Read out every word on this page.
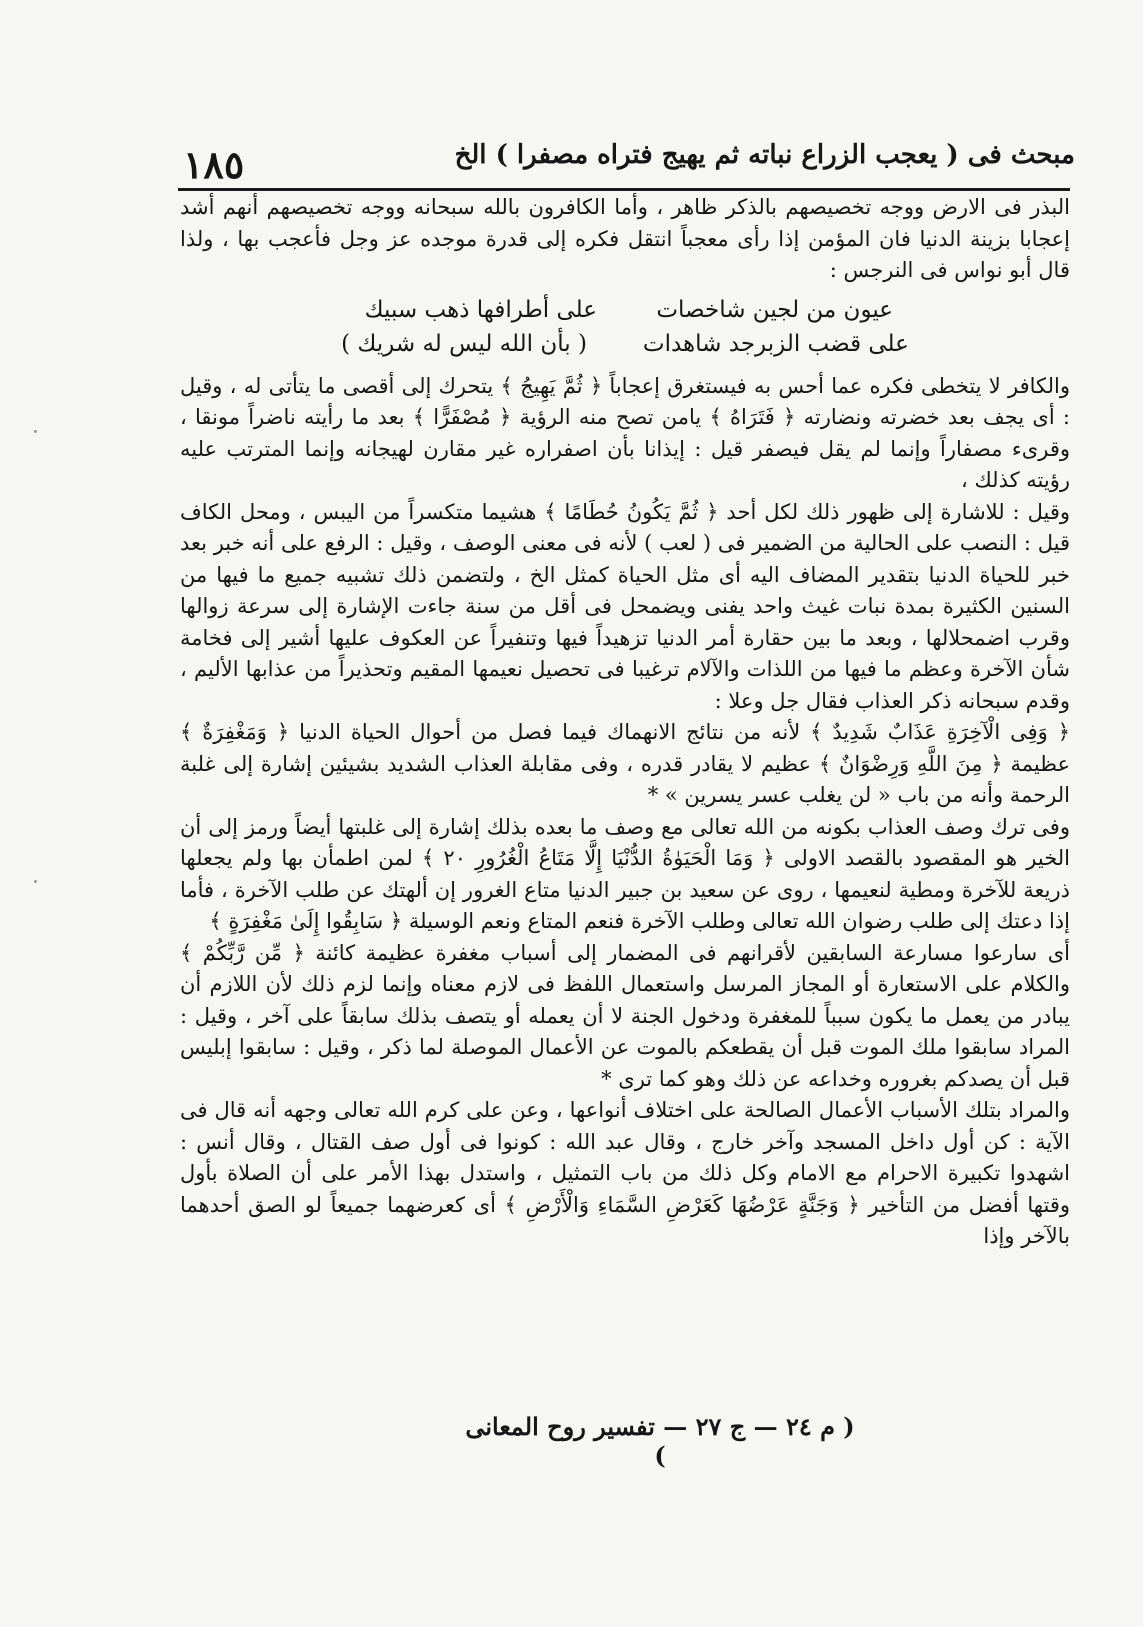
١٨٥	مبحث فى ( يعجب الزراع نباته ثم يهيج فتراه مصفرا ) الخ

البذر فى الارض ووجه تخصيصهم بالذكر ظاهر ، وأما الكافرون بالله سبحانه ووجه تخصيصهم أنهم أشد إعجابا بزينة الدنيا فان المؤمن إذا رأى معجباً انتقل فكره إلى قدرة موجده عز وجل فأعجب بها ، ولذا قال أبو نواس فى النرجس :

عيون من لجين شاخصات
على أطرافها ذهب سبيك
على قضب الزبرجد شاهدات
( بأن الله ليس له شريك )

والكافر لا يتخطى فكره عما أحس به فيستغرق إعجاباً ﴿ ثُمَّ يَهِيجُ ﴾ يتحرك إلى أقصى ما يتأتى له ، وقيل : أى يجف بعد خضرته ونضارته ﴿ فَتَرَاهُ ﴾ يامن تصح منه الرؤية ﴿ مُصْفَرًّا ﴾ بعد ما رأيته ناضراً مونقا ، وقرىء مصفاراً وإنما لم يقل فيصفر قيل : إيذانا بأن اصفراره غير مقارن لهيجانه وإنما المترتب عليه رؤيته كذلك ،

وقيل : للاشارة إلى ظهور ذلك لكل أحد ﴿ ثُمَّ يَكُونُ حُطَامًا ﴾ هشيما متكسراً من اليبس ، ومحل الكاف قيل : النصب على الحالية من الضمير فى ( لعب ) لأنه فى معنى الوصف ، وقيل : الرفع على أنه خبر بعد خبر للحياة الدنيا بتقدير المضاف اليه أى مثل الحياة كمثل الخ ، ولتضمن ذلك تشبيه جميع ما فيها من السنين الكثيرة بمدة نبات غيث واحد يفنى ويضمحل فى أقل من سنة جاءت الإشارة إلى سرعة زوالها وقرب اضمحلالها ، وبعد ما بين حقارة أمر الدنيا تزهيداً فيها وتنفيراً عن العكوف عليها أشير إلى فخامة شأن الآخرة وعظم ما فيها من اللذات والآلام ترغيبا فى تحصيل نعيمها المقيم وتحذيراً من عذابها الأليم ، وقدم سبحانه ذكر العذاب فقال جل وعلا :

﴿ وَفِى الْآخِرَةِ عَذَابٌ شَدِيدٌ ﴾ لأنه من نتائج الانهماك فيما فصل من أحوال الحياة الدنيا ﴿ وَمَغْفِرَةٌ ﴾ عظيمة ﴿ مِنَ اللَّهِ وَرِضْوَانٌ ﴾ عظيم لا يقادر قدره ، وفى مقابلة العذاب الشديد بشيئين إشارة إلى غلبة الرحمة وأنه من باب « لن يغلب عسر يسرين » *

وفى ترك وصف العذاب بكونه من الله تعالى مع وصف ما بعده بذلك إشارة إلى غلبتها أيضاً ورمز إلى أن الخير هو المقصود بالقصد الاولى ﴿ وَمَا الْحَيَوٰةُ الدُّنْيَا إِلَّا مَتَاعُ الْغُرُورِ ٢٠ ﴾ لمن اطمأن بها ولم يجعلها ذريعة للآخرة ومطية لنعيمها ، روى عن سعيد بن جبير الدنيا متاع الغرور إن ألهتك عن طلب الآخرة ، فأما إذا دعتك إلى طلب رضوان الله تعالى وطلب الآخرة فنعم المتاع ونعم الوسيلة ﴿ سَابِقُوا إِلَىٰ مَغْفِرَةٍ ﴾

أى سارعوا مسارعة السابقين لأقرانهم فى المضمار إلى أسباب مغفرة عظيمة كائنة ﴿ مِّن رَّبِّكُمْ ﴾ والكلام على الاستعارة أو المجاز المرسل واستعمال اللفظ فى لازم معناه وإنما لزم ذلك لأن اللازم أن يبادر من يعمل ما يكون سبباً للمغفرة ودخول الجنة لا أن يعمله أو يتصف بذلك سابقاً على آخر ، وقيل : المراد سابقوا ملك الموت قبل أن يقطعكم بالموت عن الأعمال الموصلة لما ذكر ، وقيل : سابقوا إبليس قبل أن يصدكم بغروره وخداعه عن ذلك وهو كما ترى *

والمراد بتلك الأسباب الأعمال الصالحة على اختلاف أنواعها ، وعن على كرم الله تعالى وجهه أنه قال فى الآية : كن أول داخل المسجد وآخر خارج ، وقال عبد الله : كونوا فى أول صف القتال ، وقال أنس : اشهدوا تكبيرة الاحرام مع الامام وكل ذلك من باب التمثيل ، واستدل بهذا الأمر على أن الصلاة بأول وقتها أفضل من التأخير ﴿ وَجَنَّةٍ عَرْضُهَا كَعَرْضِ السَّمَاءِ وَالْأَرْضِ ﴾ أى كعرضهما جميعاً لو الصق أحدهما بالآخر وإذا

( م ٢٤ — ج ٢٧ — تفسير روح المعانى )
